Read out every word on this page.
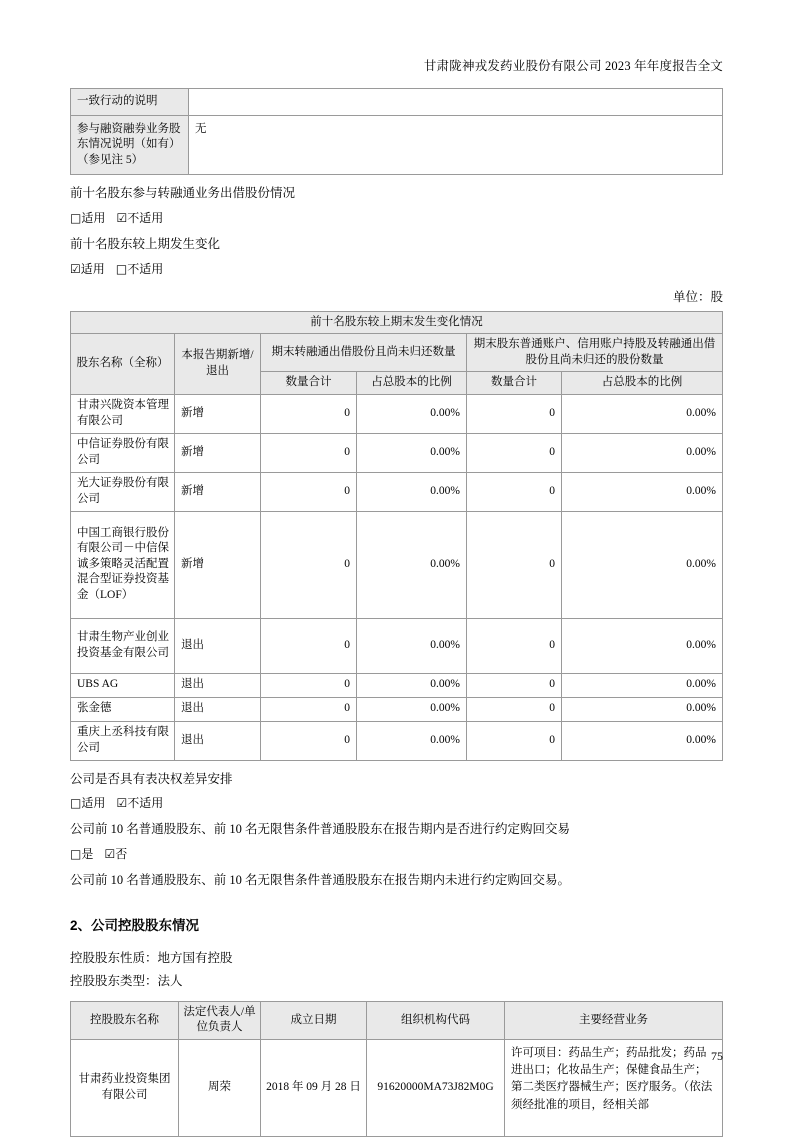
甘肃陇神戎发药业股份有限公司 2023 年年度报告全文
一致行动的说明	
参与融资融券业务股东情况说明（如有）（参见注 5）	无

前十名股东参与转融通业务出借股份情况

□适用 ☑不适用

前十名股东较上期发生变化

☑适用 □不适用

单位：股
前十名股东较上期末发生变化情况					
股东名称（全称）	本报告期新增/退出	期末转融通出借股份且尚未归还数量		期末股东普通账户、信用账户持股及转融通出借股份且尚未归还的股份数量	
		数量合计	占总股本的比例	数量合计	占总股本的比例
甘肃兴陇资本管理有限公司	新增	0	0.00%	0	0.00%
中信证券股份有限公司	新增	0	0.00%	0	0.00%
光大证券股份有限公司	新增	0	0.00%	0	0.00%
中国工商银行股份有限公司－中信保诚多策略灵活配置混合型证券投资基金（LOF）	新增	0	0.00%	0	0.00%
甘肃生物产业创业投资基金有限公司	退出	0	0.00%	0	0.00%
UBS AG	退出	0	0.00%	0	0.00%
张金德	退出	0	0.00%	0	0.00%
重庆上丞科技有限公司	退出	0	0.00%	0	0.00%

公司是否具有表决权差异安排

□适用 ☑不适用

公司前 10 名普通股股东、前 10 名无限售条件普通股股东在报告期内是否进行约定购回交易

□是 ☑否

公司前 10 名普通股股东、前 10 名无限售条件普通股股东在报告期内未进行约定购回交易。

2、公司控股股东情况

控股股东性质：地方国有控股

控股股东类型：法人

控股股东名称	法定代表人/单位负责人	成立日期	组织机构代码	主要经营业务
甘肃药业投资集团有限公司	周荣	2018 年 09 月 28 日	91620000MA73J82M0G	许可项目：药品生产；药品批发；药品进出口；化妆品生产；保健食品生产；第二类医疗器械生产；医疗服务。（依法须经批准的项目，经相关部
75
